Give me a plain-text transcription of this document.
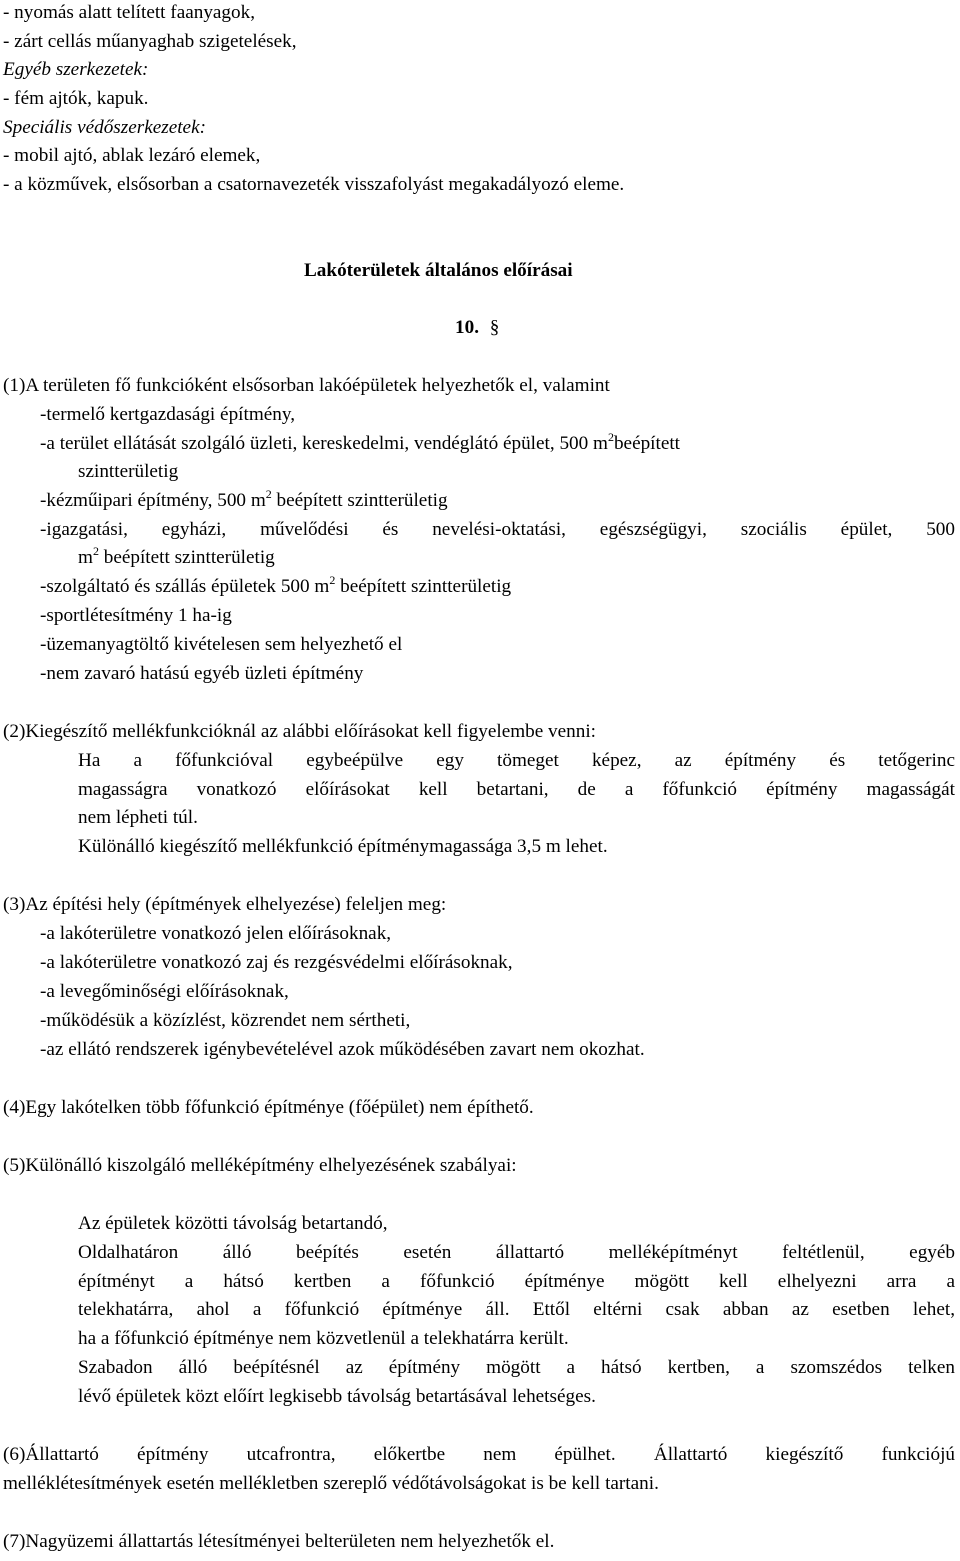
- nyomás alatt telített faanyagok,
- zárt cellás műanyaghab szigetelések,
Egyéb szerkezetek:
- fém ajtók, kapuk.
Speciális védőszerkezetek:
- mobil ajtó, ablak lezáró elemek,
- a közművek, elsősorban a csatornavezeték visszafolyást megakadályozó eleme.
Lakóterületek általános előírásai
10. §
(1)A területen fő funkcióként elsősorban lakóépületek helyezhetők el, valamint
-termelő kertgazdasági építmény,
-a terület ellátását szolgáló üzleti, kereskedelmi, vendéglátó épület, 500 $m^2beépített$
szintterületig
-kézműipari építmény, 500 $m^2$ beépített szintterületig
-igazgatási, egyházi, művelődési és nevelési-oktatási, egészségügyi, szociális épület, 500
$m^2$ beépített szintterületig
-szolgáltató és szállás épületek 500 $m^2$ beépített szintterületig
-sportlétesítmény 1 ha-ig
-üzemanyagtöltő kivételesen sem helyezhető el
-nem zavaró hatású egyéb üzleti építmény
(2)Kiegészítő mellékfunkcióknál az alábbi előírásokat kell figyelembe venni:
Ha a főfunkcióval egybeépülve egy tömeget képez, az építmény és tetőgerinc
magasságra vonatkozó előírásokat kell betartani, de a főfunkció építmény magasságát
nem lépheti túl.
Különálló kiegészítő mellékfunkció építménymagassága 3,5 m lehet.
(3)Az építési hely (építmények elhelyezése) feleljen meg:
-a lakóterületre vonatkozó jelen előírásoknak,
-a lakóterületre vonatkozó zaj és rezgésvédelmi előírásoknak,
-a levegőminőségi előírásoknak,
-működésük a közízlést, közrendet nem sértheti,
-az ellátó rendszerek igénybevételével azok működésében zavart nem okozhat.
(4)Egy lakótelken több főfunkció építménye (főépület) nem építhető.
(5)Különálló kiszolgáló melléképítmény elhelyezésének szabályai:
Az épületek közötti távolság betartandó,
Oldalhatáron álló beépítés esetén állattartó melléképítményt feltétlenül, egyéb
építményt a hátsó kertben a főfunkció építménye mögött kell elhelyezni arra a
telekhatárra, ahol a főfunkció építménye áll. Ettől eltérni csak abban az esetben lehet,
ha a főfunkció építménye nem közvetlenül a telekhatárra került.
Szabadon álló beépítésnél az építmény mögött a hátsó kertben, a szomszédos telken
lévő épületek közt előírt legkisebb távolság betartásával lehetséges.
(6)Állattartó építmény utcafrontra, előkertbe nem épülhet. Állattartó kiegészítő funkciójú
melléklétesítmények esetén mellékletben szereplő védőtávolságokat is be kell tartani.
(7)Nagyüzemi állattartás létesítményei belterületen nem helyezhetők el.
